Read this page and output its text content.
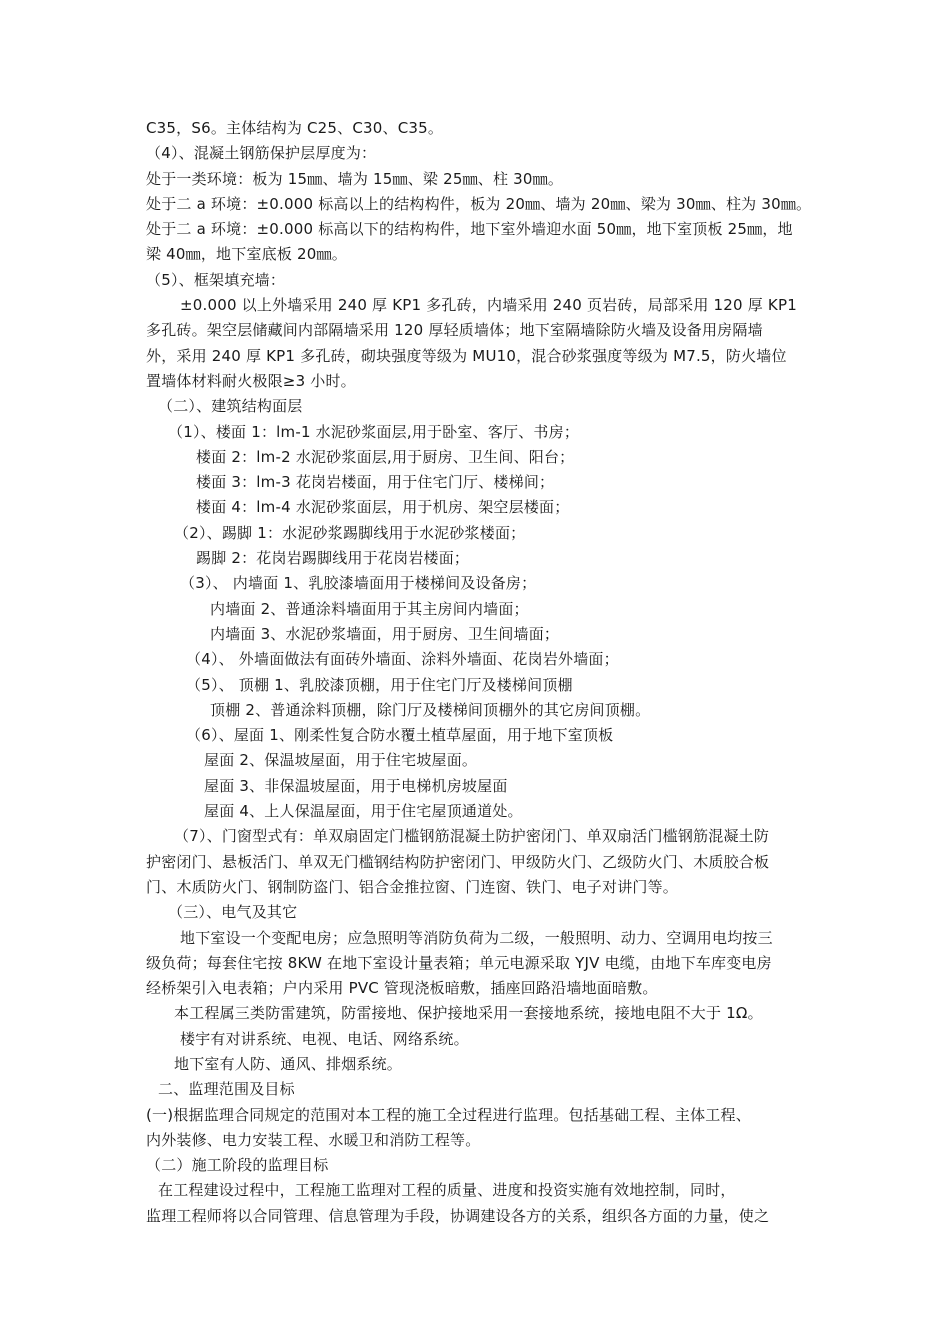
C35，S6。主体结构为 C25、C30、C35。
（4）、混凝土钢筋保护层厚度为：
处于一类环境：板为 15㎜、墙为 15㎜、梁 25㎜、柱 30㎜。
处于二 a 环境：±0.000 标高以上的结构构件，板为 20㎜、墙为 20㎜、梁为 30㎜、柱为 30㎜。
处于二 a 环境：±0.000 标高以下的结构构件，地下室外墙迎水面 50㎜，地下室顶板 25㎜，地
梁 40㎜，地下室底板 20㎜。
（5）、框架填充墙：
±0.000 以上外墙采用 240 厚 KP1 多孔砖，内墙采用 240 页岩砖，局部采用 120 厚 KP1
多孔砖。架空层储藏间内部隔墙采用 120 厚轻质墙体；地下室隔墙除防火墙及设备用房隔墙
外，采用 240 厚 KP1 多孔砖，砌块强度等级为 MU10，混合砂浆强度等级为 M7.5，防火墙位
置墙体材料耐火极限≥3 小时。
（二）、建筑结构面层
（1）、楼面 1：lm-1 水泥砂浆面层,用于卧室、客厅、书房；
楼面 2：lm-2 水泥砂浆面层,用于厨房、卫生间、阳台；
楼面 3：lm-3 花岗岩楼面，用于住宅门厅、楼梯间；
楼面 4：lm-4 水泥砂浆面层，用于机房、架空层楼面；
（2）、踢脚 1：水泥砂浆踢脚线用于水泥砂浆楼面；
踢脚 2：花岗岩踢脚线用于花岗岩楼面；
（3）、 内墙面 1、乳胶漆墙面用于楼梯间及设备房；
内墙面 2、普通涂料墙面用于其主房间内墙面；
内墙面 3、水泥砂浆墙面，用于厨房、卫生间墙面；
（4）、 外墙面做法有面砖外墙面、涂料外墙面、花岗岩外墙面；
（5）、 顶棚 1、乳胶漆顶棚，用于住宅门厅及楼梯间顶棚
顶棚 2、普通涂料顶棚，除门厅及楼梯间顶棚外的其它房间顶棚。
（6）、屋面 1、刚柔性复合防水覆土植草屋面，用于地下室顶板
屋面 2、保温坡屋面，用于住宅坡屋面。
屋面 3、非保温坡屋面，用于电梯机房坡屋面
屋面 4、上人保温屋面，用于住宅屋顶通道处。
（7）、门窗型式有：单双扇固定门槛钢筋混凝土防护密闭门、单双扇活门槛钢筋混凝土防
护密闭门、悬板活门、单双无门槛钢结构防护密闭门、甲级防火门、乙级防火门、木质胶合板
门、木质防火门、钢制防盗门、铝合金推拉窗、门连窗、铁门、电子对讲门等。
（三）、电气及其它
地下室设一个变配电房；应急照明等消防负荷为二级，一般照明、动力、空调用电均按三
级负荷；每套住宅按 8KW 在地下室设计量表箱；单元电源采取 YJV 电缆，由地下车库变电房
经桥架引入电表箱；户内采用 PVC 管现浇板暗敷，插座回路沿墙地面暗敷。
本工程属三类防雷建筑，防雷接地、保护接地采用一套接地系统，接地电阻不大于 1Ω。
楼宇有对讲系统、电视、电话、网络系统。
地下室有人防、通风、排烟系统。
二、监理范围及目标
(一)根据监理合同规定的范围对本工程的施工全过程进行监理。包括基础工程、主体工程、
内外装修、电力安装工程、水暖卫和消防工程等。
（二）施工阶段的监理目标
在工程建设过程中，工程施工监理对工程的质量、进度和投资实施有效地控制，同时，
监理工程师将以合同管理、信息管理为手段，协调建设各方的关系，组织各方面的力量，使之
